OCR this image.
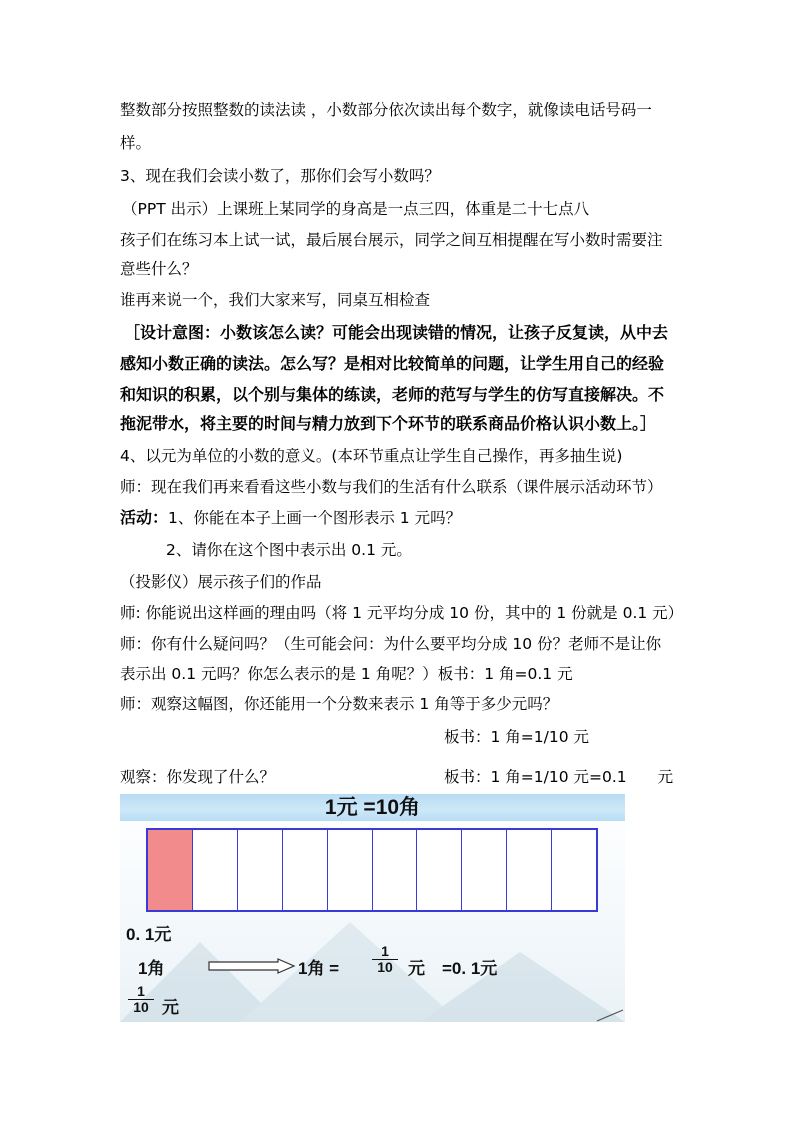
整数部分按照整数的读法读 ，小数部分依次读出每个数字，就像读电话号码一
样。
3、现在我们会读小数了，那你们会写小数吗？
（PPT 出示）上课班上某同学的身高是一点三四，体重是二十七点八
孩子们在练习本上试一试，最后展台展示，同学之间互相提醒在写小数时需要注
意些什么？
谁再来说一个，我们大家来写，同桌互相检查
［设计意图：小数该怎么读？可能会出现读错的情况，让孩子反复读，从中去
感知小数正确的读法。怎么写？是相对比较简单的问题，让学生用自己的经验
和知识的积累，以个别与集体的练读，老师的范写与学生的仿写直接解决。不
拖泥带水，将主要的时间与精力放到下个环节的联系商品价格认识小数上。］
4、以元为单位的小数的意义。(本环节重点让学生自己操作，再多抽生说)
师：现在我们再来看看这些小数与我们的生活有什么联系（课件展示活动环节）
活动：1、你能在本子上画一个图形表示 1 元吗？
2、请你在这个图中表示出 0.1 元。
（投影仪）展示孩子们的作品
师: 你能说出这样画的理由吗（将 1 元平均分成 10 份，其中的 1 份就是 0.1 元）
师：你有什么疑问吗？（生可能会问：为什么要平均分成 10 份？老师不是让你
表示出 0.1 元吗？你怎么表示的是 1 角呢？）板书：1 角=0.1 元
师：观察这幅图，你还能用一个分数来表示 1 角等于多少元吗？
板书：1 角=1/10 元
观察：你发现了什么？	板书：1 角=1/10 元=0.1　　元
1元 =10角
0. 1元
1角	1角 = $\frac{1}{10}$ 元 =0. 1元
$\frac{1}{10}$ 元
